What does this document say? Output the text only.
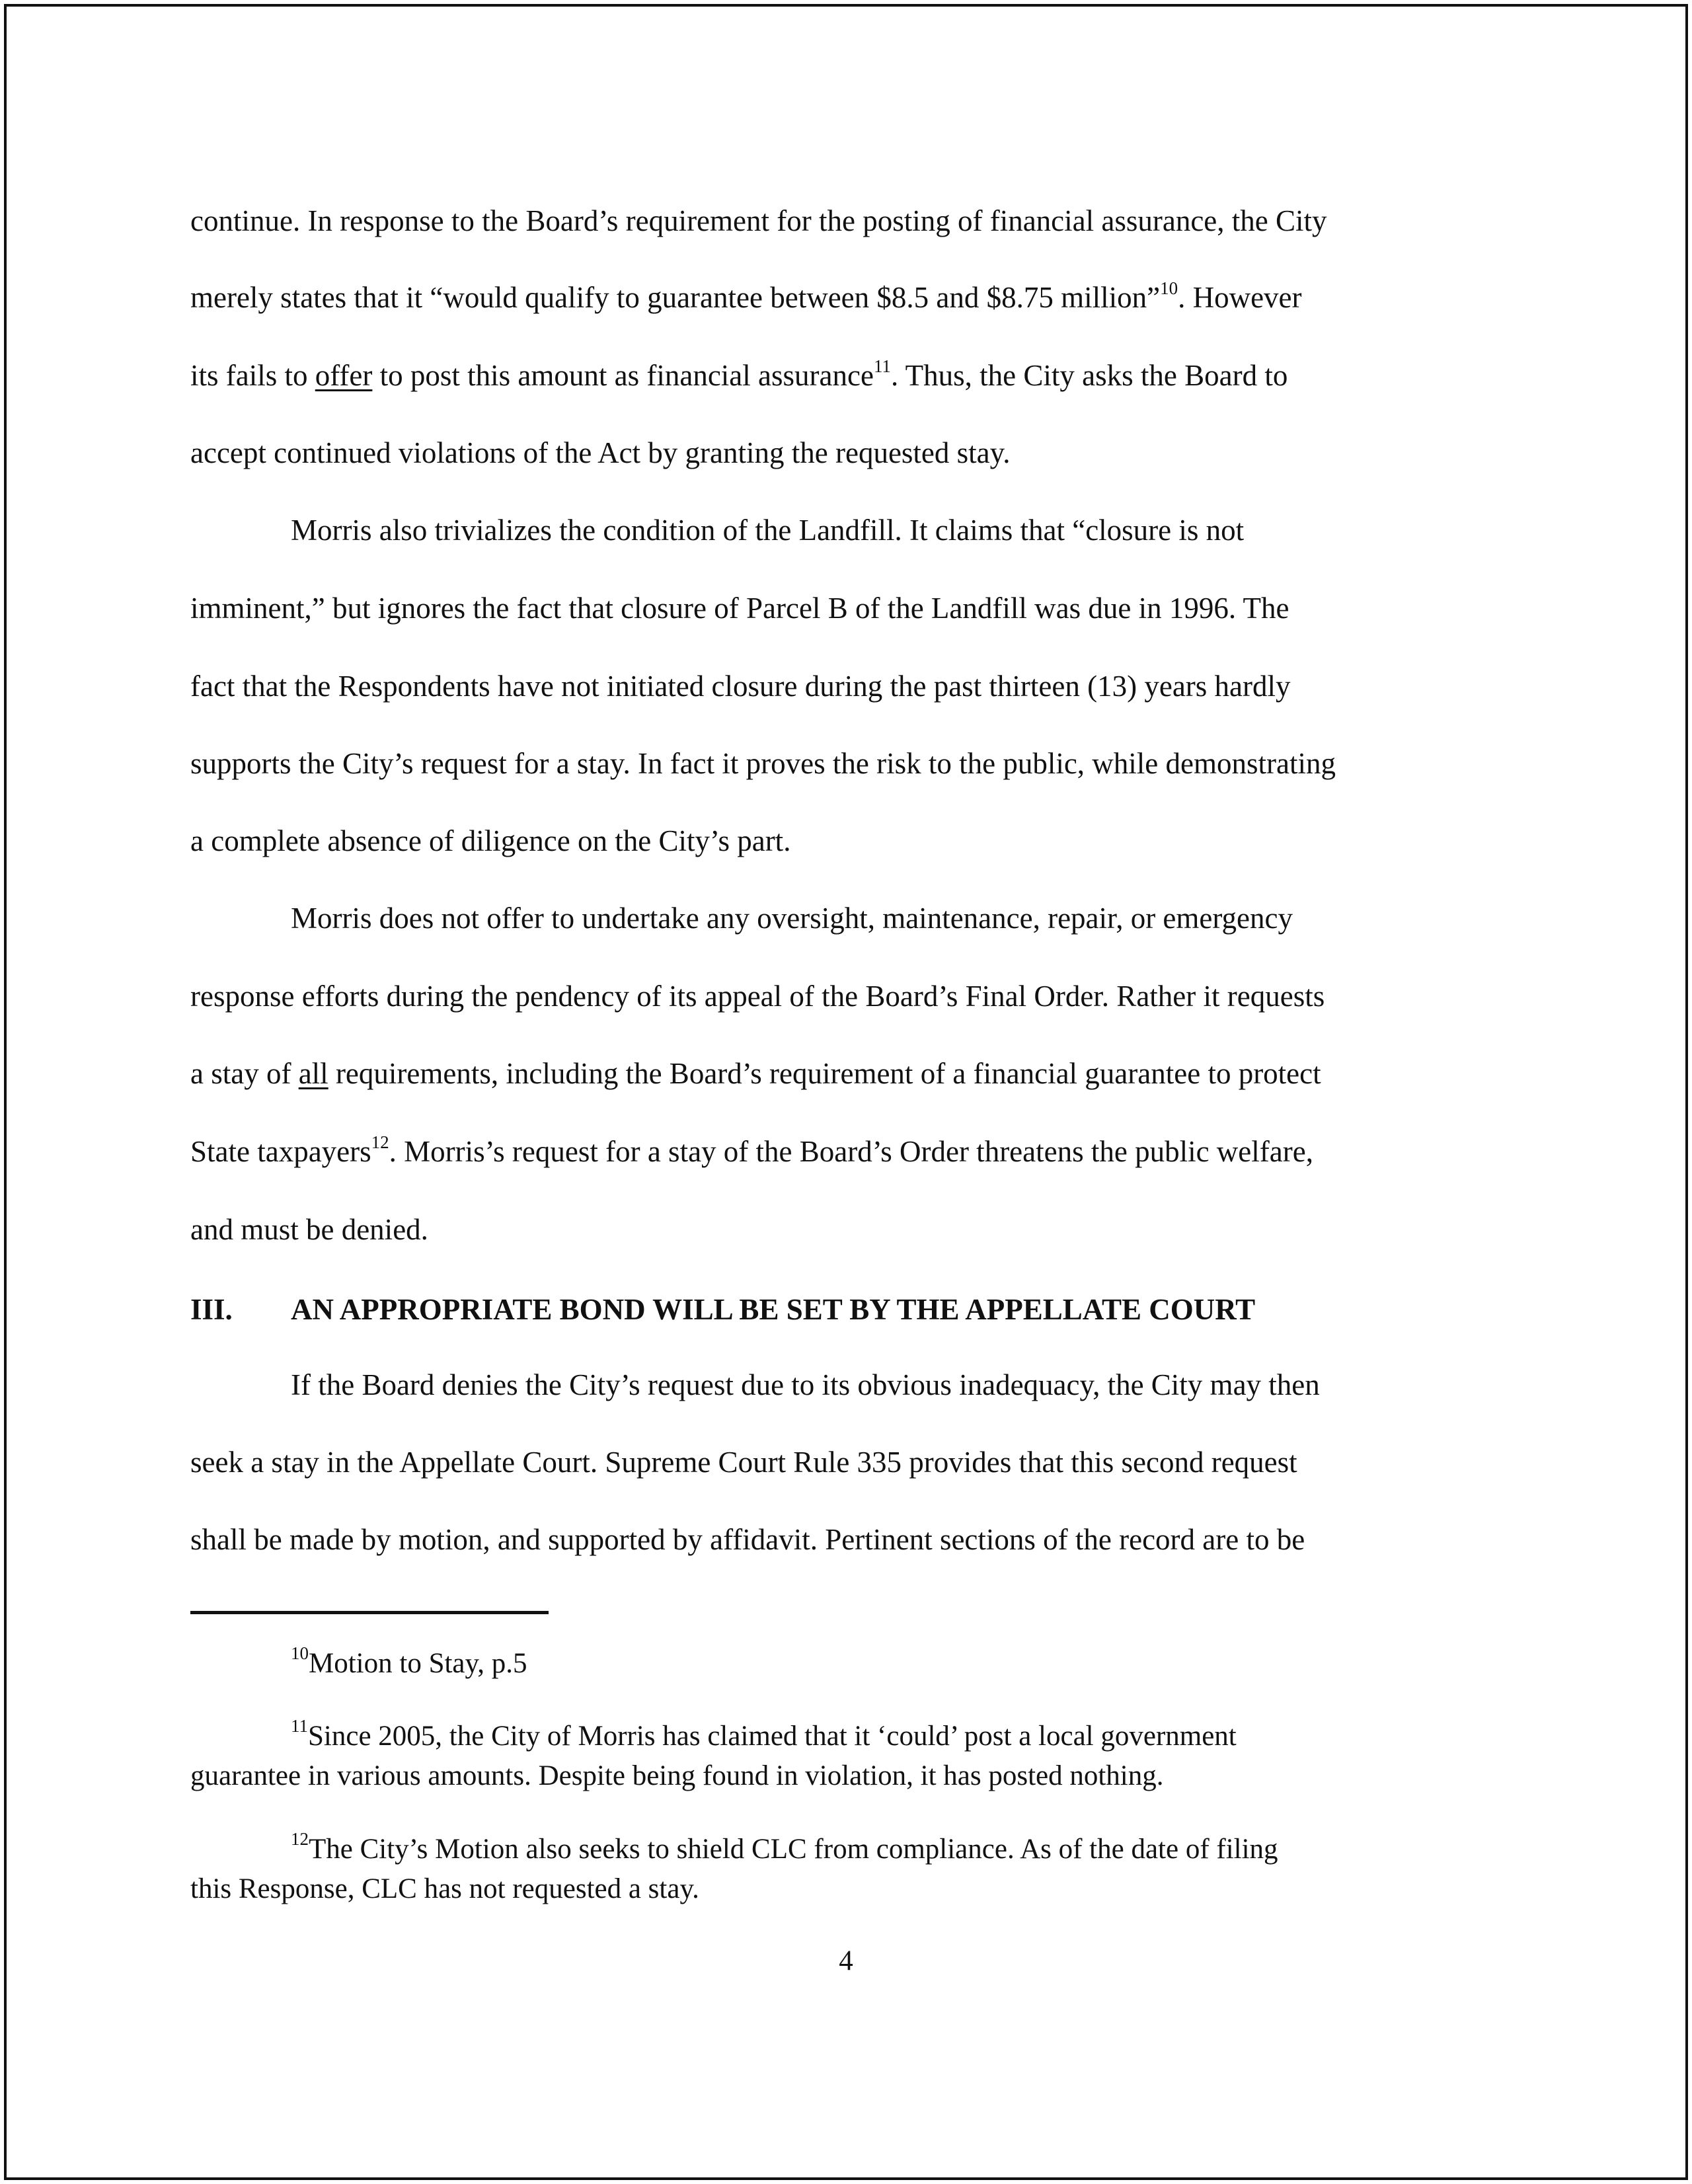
continue. In response to the Board’s requirement for the posting of financial assurance, the City
merely states that it “would qualify to guarantee between $8.5 and $8.75 million”$^{10}$. However
its fails to offer to post this amount as financial assurance$^{11}$. Thus, the City asks the Board to
accept continued violations of the Act by granting the requested stay.
Morris also trivializes the condition of the Landfill. It claims that “closure is not
imminent,” but ignores the fact that closure of Parcel B of the Landfill was due in 1996. The
fact that the Respondents have not initiated closure during the past thirteen (13) years hardly
supports the City’s request for a stay. In fact it proves the risk to the public, while demonstrating
a complete absence of diligence on the City’s part.
Morris does not offer to undertake any oversight, maintenance, repair, or emergency
response efforts during the pendency of its appeal of the Board’s Final Order. Rather it requests
a stay of all requirements, including the Board’s requirement of a financial guarantee to protect
State taxpayers$^{12}$. Morris’s request for a stay of the Board’s Order threatens the public welfare,
and must be denied.
III. AN APPROPRIATE BOND WILL BE SET BY THE APPELLATE COURT
If the Board denies the City’s request due to its obvious inadequacy, the City may then
seek a stay in the Appellate Court. Supreme Court Rule 335 provides that this second request
shall be made by motion, and supported by affidavit. Pertinent sections of the record are to be
$^{10}$Motion to Stay, p.5
$^{11}$Since 2005, the City of Morris has claimed that it ‘could’ post a local government
guarantee in various amounts. Despite being found in violation, it has posted nothing.
$^{12}$The City’s Motion also seeks to shield CLC from compliance. As of the date of filing
this Response, CLC has not requested a stay.
4
